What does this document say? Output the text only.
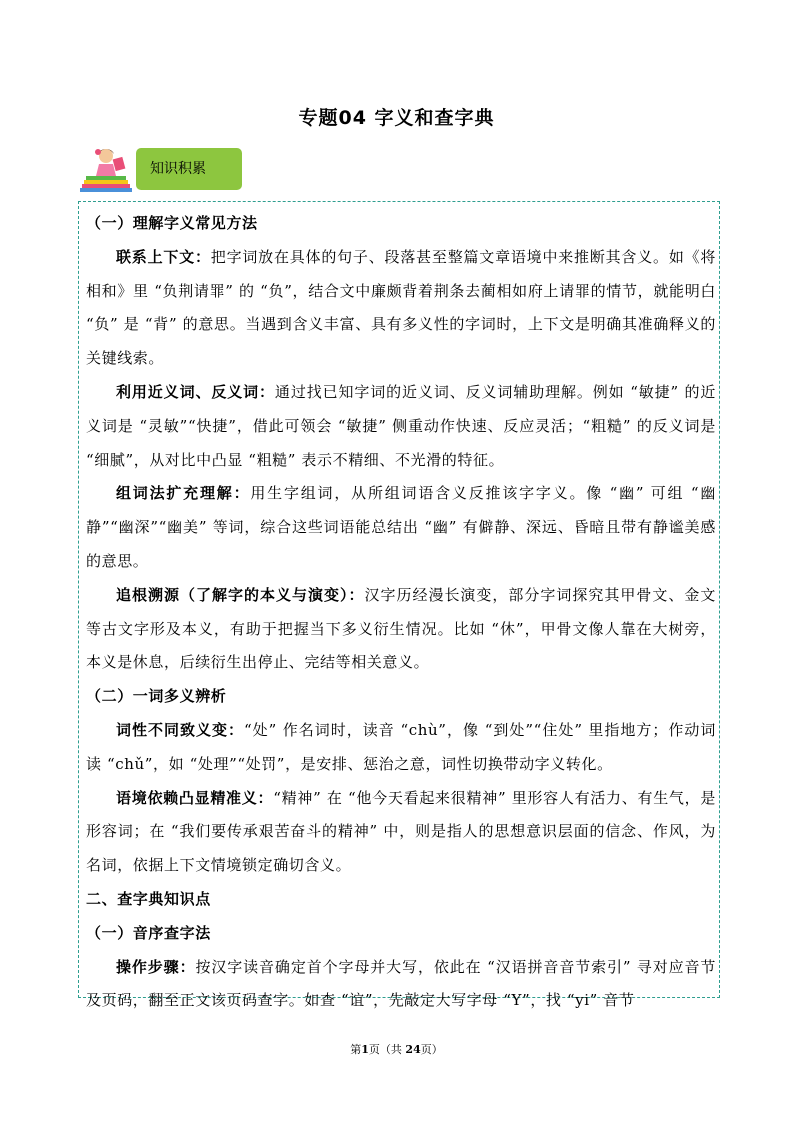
专题04 字义和查字典
知识积累

（一）理解字义常见方法

联系上下文：把字词放在具体的句子、段落甚至整篇文章语境中来推断其含义。如《将相和》里 “负荆请罪” 的 “负”，结合文中廉颇背着荆条去蔺相如府上请罪的情节，就能明白 “负” 是 “背” 的意思。当遇到含义丰富、具有多义性的字词时，上下文是明确其准确释义的关键线索。

利用近义词、反义词：通过找已知字词的近义词、反义词辅助理解。例如 “敏捷” 的近义词是 “灵敏”“快捷”，借此可领会 “敏捷” 侧重动作快速、反应灵活；“粗糙” 的反义词是 “细腻”，从对比中凸显 “粗糙” 表示不精细、不光滑的特征。

组词法扩充理解：用生字组词，从所组词语含义反推该字字义。像 “幽” 可组 “幽静”“幽深”“幽美” 等词，综合这些词语能总结出 “幽” 有僻静、深远、昏暗且带有静谧美感的意思。

追根溯源（了解字的本义与演变）：汉字历经漫长演变，部分字词探究其甲骨文、金文等古文字形及本义，有助于把握当下多义衍生情况。比如 “休”，甲骨文像人靠在大树旁，本义是休息，后续衍生出停止、完结等相关意义。

（二）一词多义辨析

词性不同致义变：“处” 作名词时，读音 “chù”，像 “到处”“住处” 里指地方；作动词读 “chǔ”，如 “处理”“处罚”，是安排、惩治之意，词性切换带动字义转化。

语境依赖凸显精准义：“精神” 在 “他今天看起来很精神” 里形容人有活力、有生气，是形容词；在 “我们要传承艰苦奋斗的精神” 中，则是指人的思想意识层面的信念、作风，为名词，依据上下文情境锁定确切含义。

二、查字典知识点

（一）音序查字法

操作步骤：按汉字读音确定首个字母并大写，依此在 “汉语拼音音节索引” 寻对应音节及页码，翻至正文该页码查字。如查 “谊”，先敲定大写字母 “Y”，找 “yi” 音节

第1页（共 24页）
